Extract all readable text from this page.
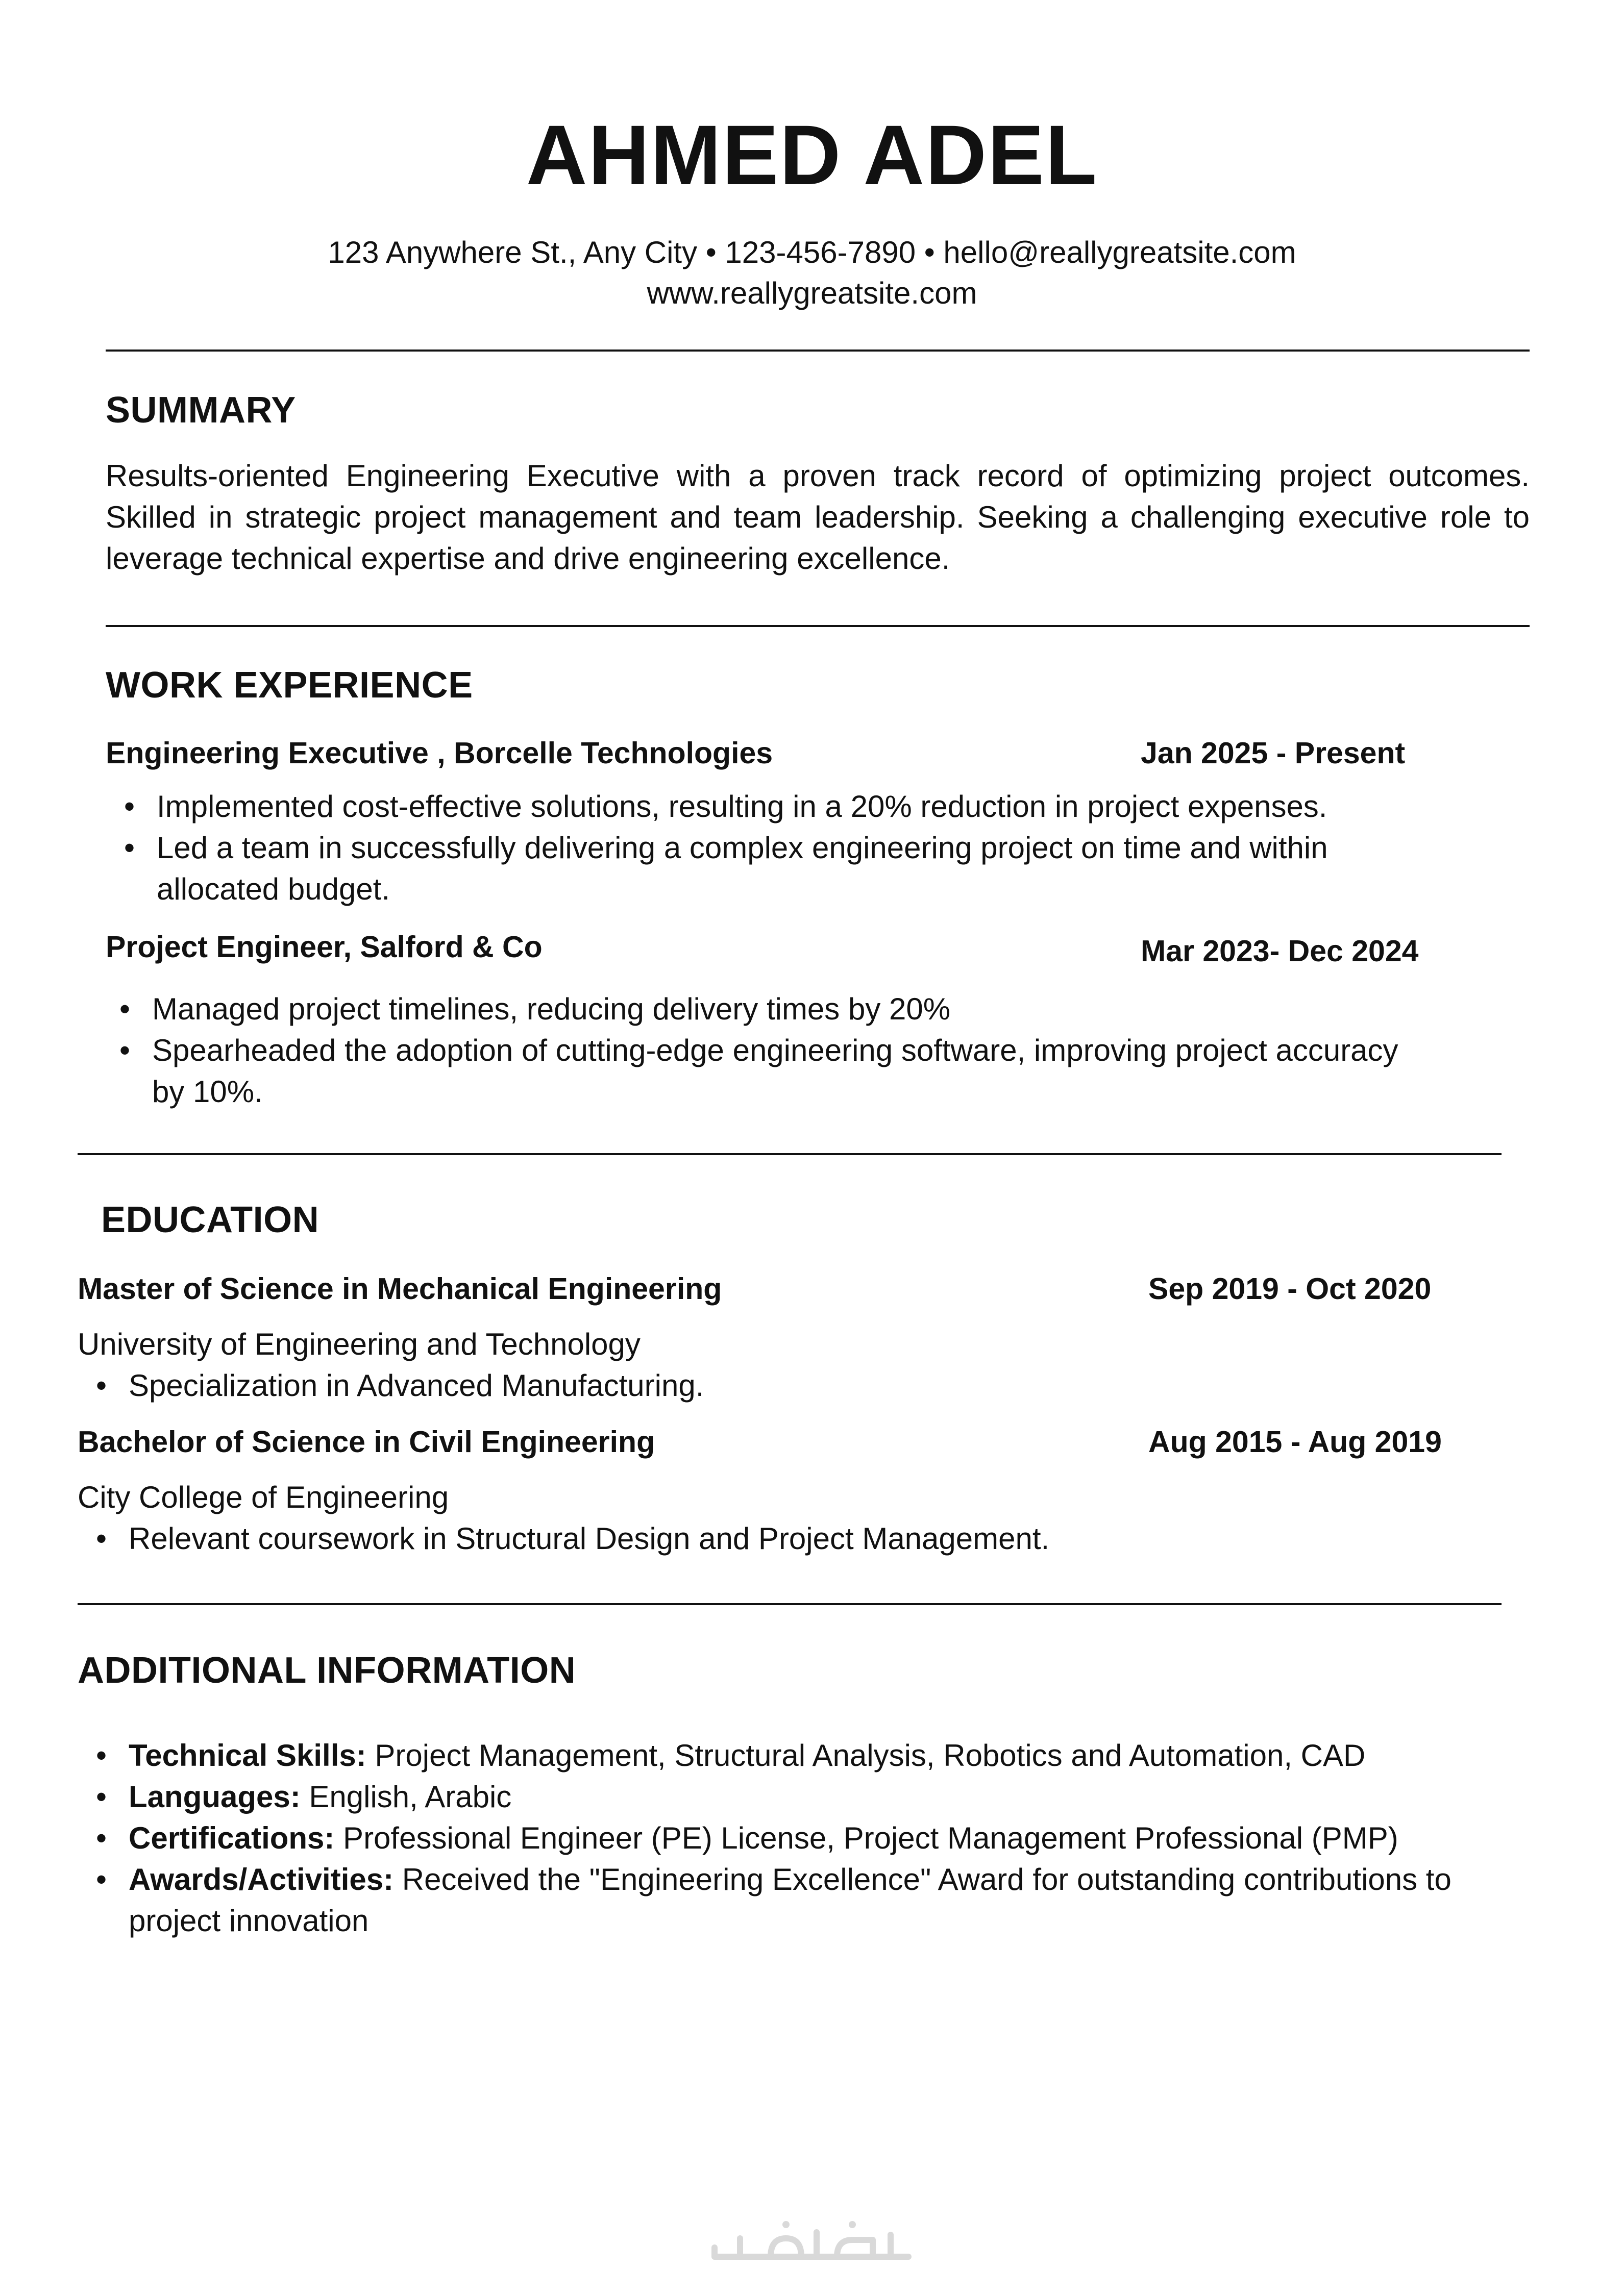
AHMED ADEL
123 Anywhere St., Any City • 123-456-7890 • hello@reallygreatsite.com
www.reallygreatsite.com
SUMMARY
Results-oriented Engineering Executive with a proven track record of optimizing project outcomes. Skilled in strategic project management and team leadership. Seeking a challenging executive role to leverage technical expertise and drive engineering excellence.
WORK EXPERIENCE
Engineering Executive , Borcelle Technologies	Jan 2025 - Present
• Implemented cost-effective solutions, resulting in a 20% reduction in project expenses.
• Led a team in successfully delivering a complex engineering project on time and within allocated budget.
Project Engineer, Salford & Co	Mar 2023- Dec 2024
• Managed project timelines, reducing delivery times by 20%
• Spearheaded the adoption of cutting-edge engineering software, improving project accuracy by 10%.
EDUCATION
Master of Science in Mechanical Engineering	Sep 2019 - Oct 2020
University of Engineering and Technology
• Specialization in Advanced Manufacturing.
Bachelor of Science in Civil Engineering	Aug 2015 - Aug 2019
City College of Engineering
• Relevant coursework in Structural Design and Project Management.
ADDITIONAL INFORMATION
• Technical Skills: Project Management, Structural Analysis, Robotics and Automation, CAD
• Languages: English, Arabic
• Certifications: Professional Engineer (PE) License, Project Management Professional (PMP)
• Awards/Activities: Received the "Engineering Excellence" Award for outstanding contributions to project innovation
